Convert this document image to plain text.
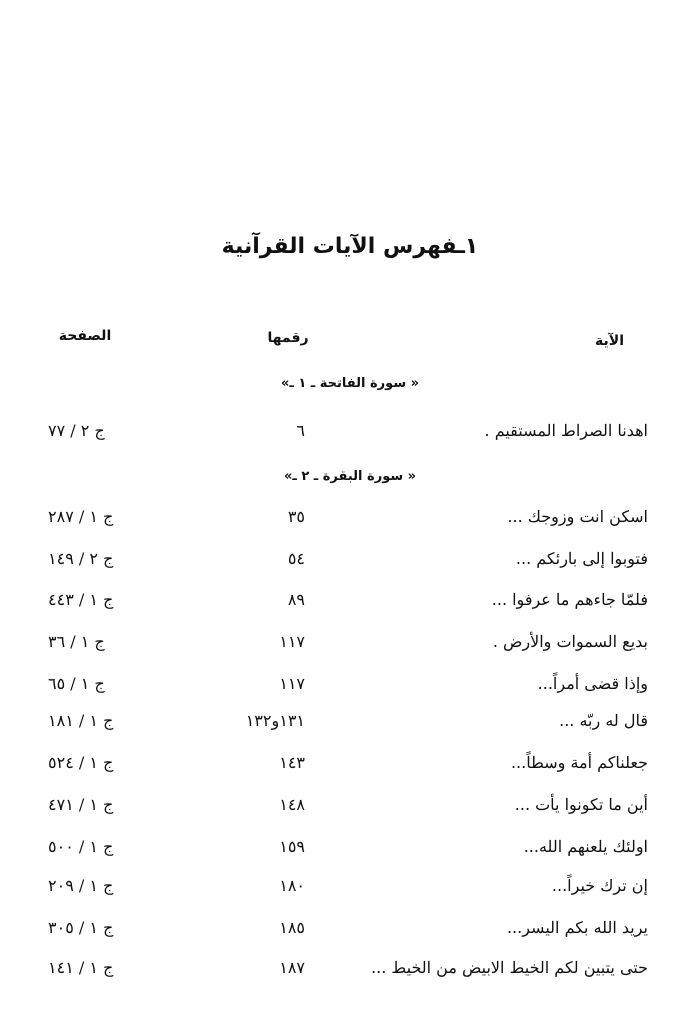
١ـفهرس الآيات القرآنية
الآية
رقمها
الصفحة
« سورة الفاتحة ـ ١ ـ»
اهدنا الصراط المستقيم .
٦
ج ٢ / ٧٧
« سورة البقرة ـ ٢ ـ»
اسكن انت وزوجك ...
٣٥
ج ١ / ٢٨٧
فتوبوا إلى بارئكم ...
٥٤
ج ٢ / ١٤٩
فلمّا جاءهم ما عرفوا ...
٨٩
ج ١ / ٤٤٣
بديع السموات والأرض .
١١٧
ج ١ / ٣٦
وإذا قضى أمراً...
١١٧
ج ١ / ٦٥
قال له ربّه ...
١٣١و١٣٢
ج ١ / ١٨١
جعلناكم أمة وسطاً...
١٤٣
ج ١ / ٥٢٤
أين ما تكونوا يأت ...
١٤٨
ج ١ / ٤٧١
اولئك يلعنهم الله...
١٥٩
ج ١ / ٥٠٠
إن ترك خيراً...
١٨٠
ج ١ / ٢٠٩
يريد الله بكم اليسر...
١٨٥
ج ١ / ٣٠٥
حتى يتبين لكم الخيط الابيض من الخيط ...
١٨٧
ج ١ / ١٤١
